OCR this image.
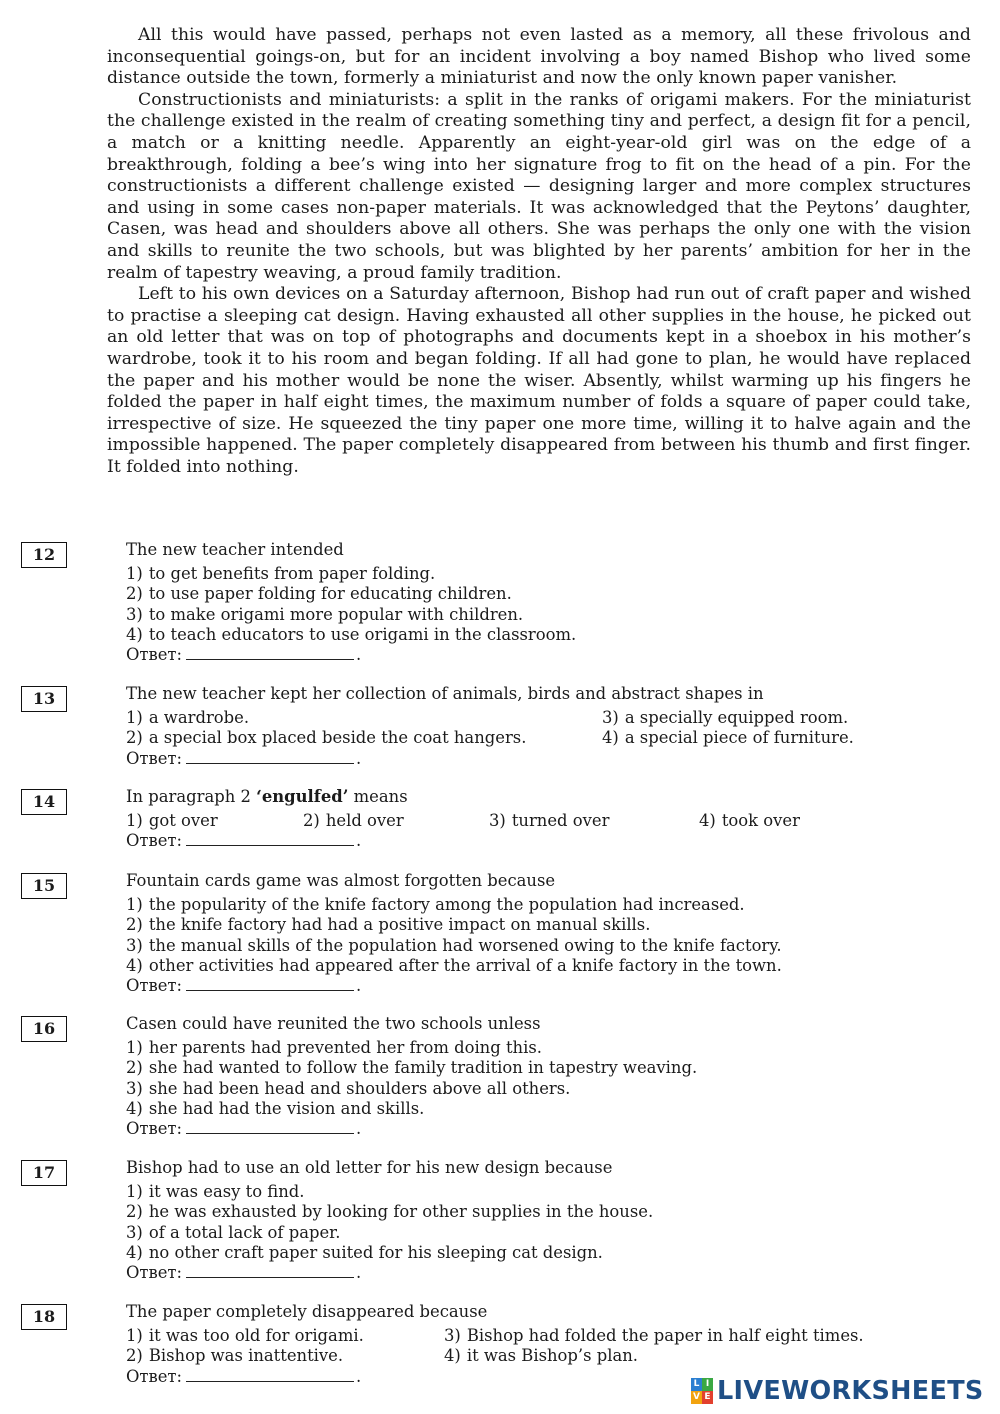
All this would have passed, perhaps not even lasted as a memory, all these frivolous and inconsequential goings-on, but for an incident involving a boy named Bishop who lived some distance outside the town, formerly a miniaturist and now the only known paper vanisher.

Constructionists and miniaturists: a split in the ranks of origami makers. For the miniaturist the challenge existed in the realm of creating something tiny and perfect, a design fit for a pencil, a match or a knitting needle. Apparently an eight-year-old girl was on the edge of a breakthrough, folding a bee’s wing into her signature frog to fit on the head of a pin. For the constructionists a different challenge existed — designing larger and more complex structures and using in some cases non-paper materials. It was acknowledged that the Peytons’ daughter, Casen, was head and shoulders above all others. She was perhaps the only one with the vision and skills to reunite the two schools, but was blighted by her parents’ ambition for her in the realm of tapestry weaving, a proud family tradition.

Left to his own devices on a Saturday afternoon, Bishop had run out of craft paper and wished to practise a sleeping cat design. Having exhausted all other supplies in the house, he picked out an old letter that was on top of photographs and documents kept in a shoebox in his mother’s wardrobe, took it to his room and began folding. If all had gone to plan, he would have replaced the paper and his mother would be none the wiser. Absently, whilst warming up his fingers he folded the paper in half eight times, the maximum number of folds a square of paper could take, irrespective of size. He squeezed the tiny paper one more time, willing it to halve again and the impossible happened. The paper completely disappeared from between his thumb and first finger. It folded into nothing.

12	The new teacher intended
1) to get benefits from paper folding.
2) to use paper folding for educating children.
3) to make origami more popular with children.
4) to teach educators to use origami in the classroom.
Ответ:	.
13	The new teacher kept her collection of animals, birds and abstract shapes in
1) a wardrobe.	3) a specially equipped room.
2) a special box placed beside the coat hangers.	4) a special piece of furniture.
Ответ:	.
14	In paragraph 2 ‘engulfed’ means
1) got over	2) held over	3) turned over	4) took over
Ответ:	.
15	Fountain cards game was almost forgotten because
1) the popularity of the knife factory among the population had increased.
2) the knife factory had had a positive impact on manual skills.
3) the manual skills of the population had worsened owing to the knife factory.
4) other activities had appeared after the arrival of a knife factory in the town.
Ответ:	.
16	Casen could have reunited the two schools unless
1) her parents had prevented her from doing this.
2) she had wanted to follow the family tradition in tapestry weaving.
3) she had been head and shoulders above all others.
4) she had had the vision and skills.
Ответ:	.
17	Bishop had to use an old letter for his new design because
1) it was easy to find.
2) he was exhausted by looking for other supplies in the house.
3) of a total lack of paper.
4) no other craft paper suited for his sleeping cat design.
Ответ:	.
18	The paper completely disappeared because
1) it was too old for origami.	3) Bishop had folded the paper in half eight times.
2) Bishop was inattentive.	4) it was Bishop’s plan.
Ответ:	.	L I
V E LIVEWORKSHEETS
